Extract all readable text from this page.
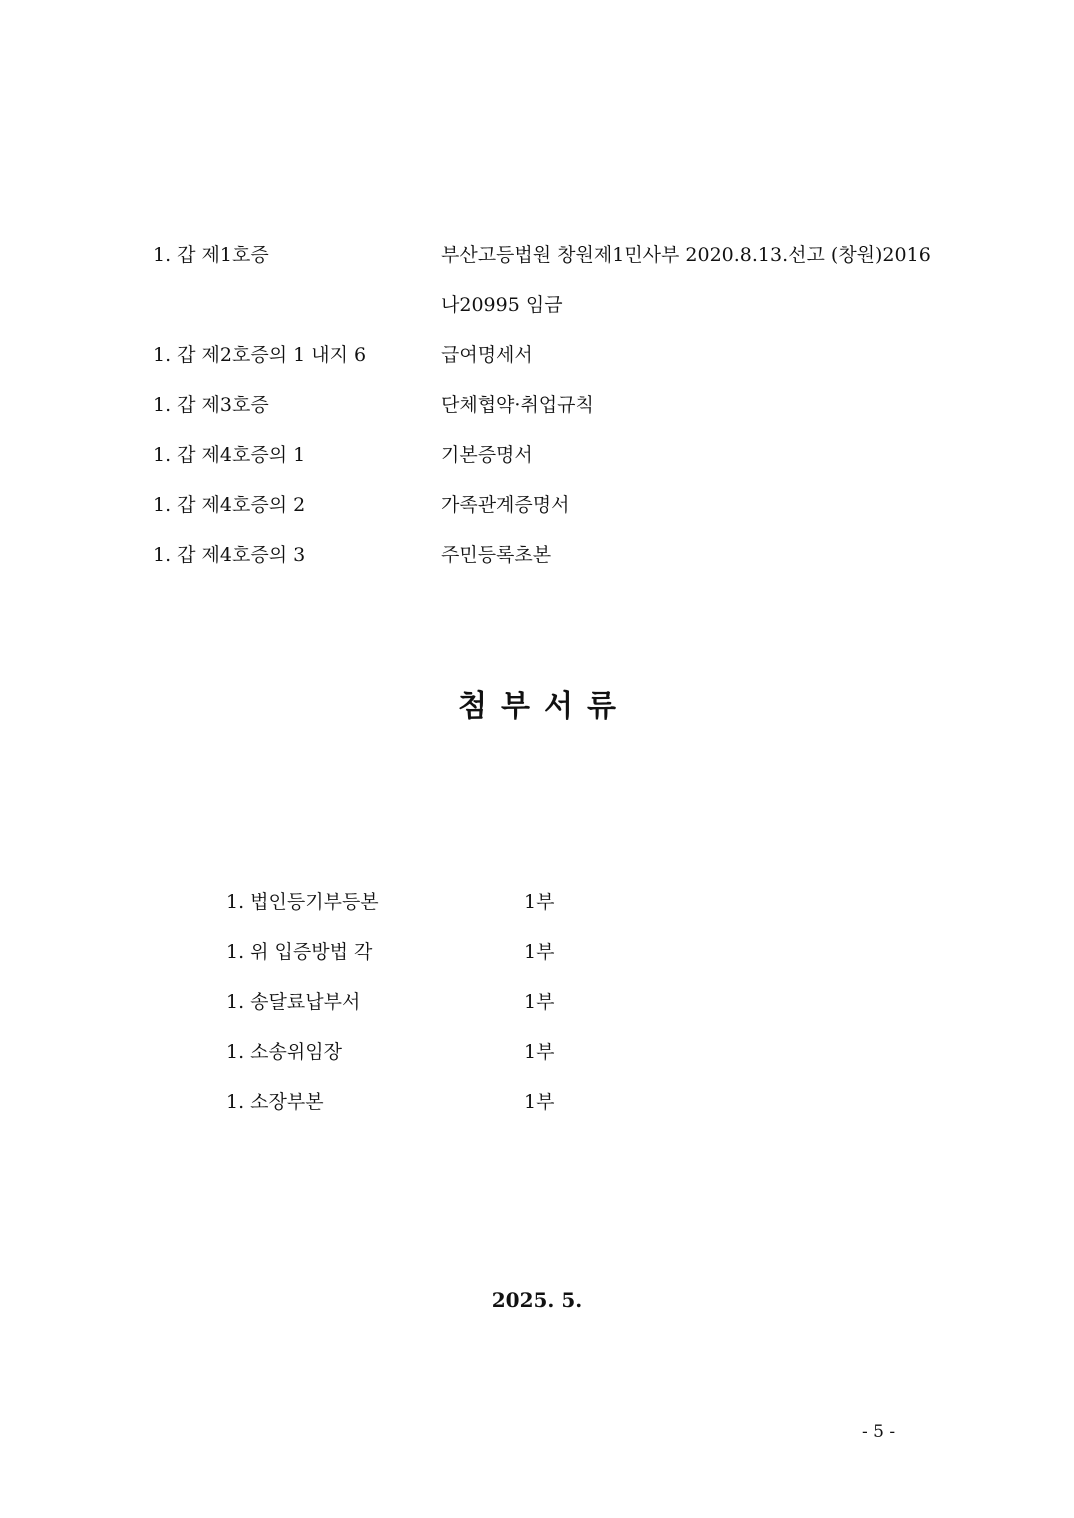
1. 갑 제1호증	부산고등법원 창원제1민사부 2020.8.13.선고 (창원)2016
나20995 임금
1. 갑 제2호증의 1 내지 6	급여명세서
1. 갑 제3호증	단체협약·취업규칙
1. 갑 제4호증의 1	기본증명서
1. 갑 제4호증의 2	가족관계증명서
1. 갑 제4호증의 3	주민등록초본
첨부서류
1. 법인등기부등본	1부
1. 위 입증방법 각	1부
1. 송달료납부서	1부
1. 소송위임장	1부
1. 소장부본	1부
2025. 5.
- 5 -
